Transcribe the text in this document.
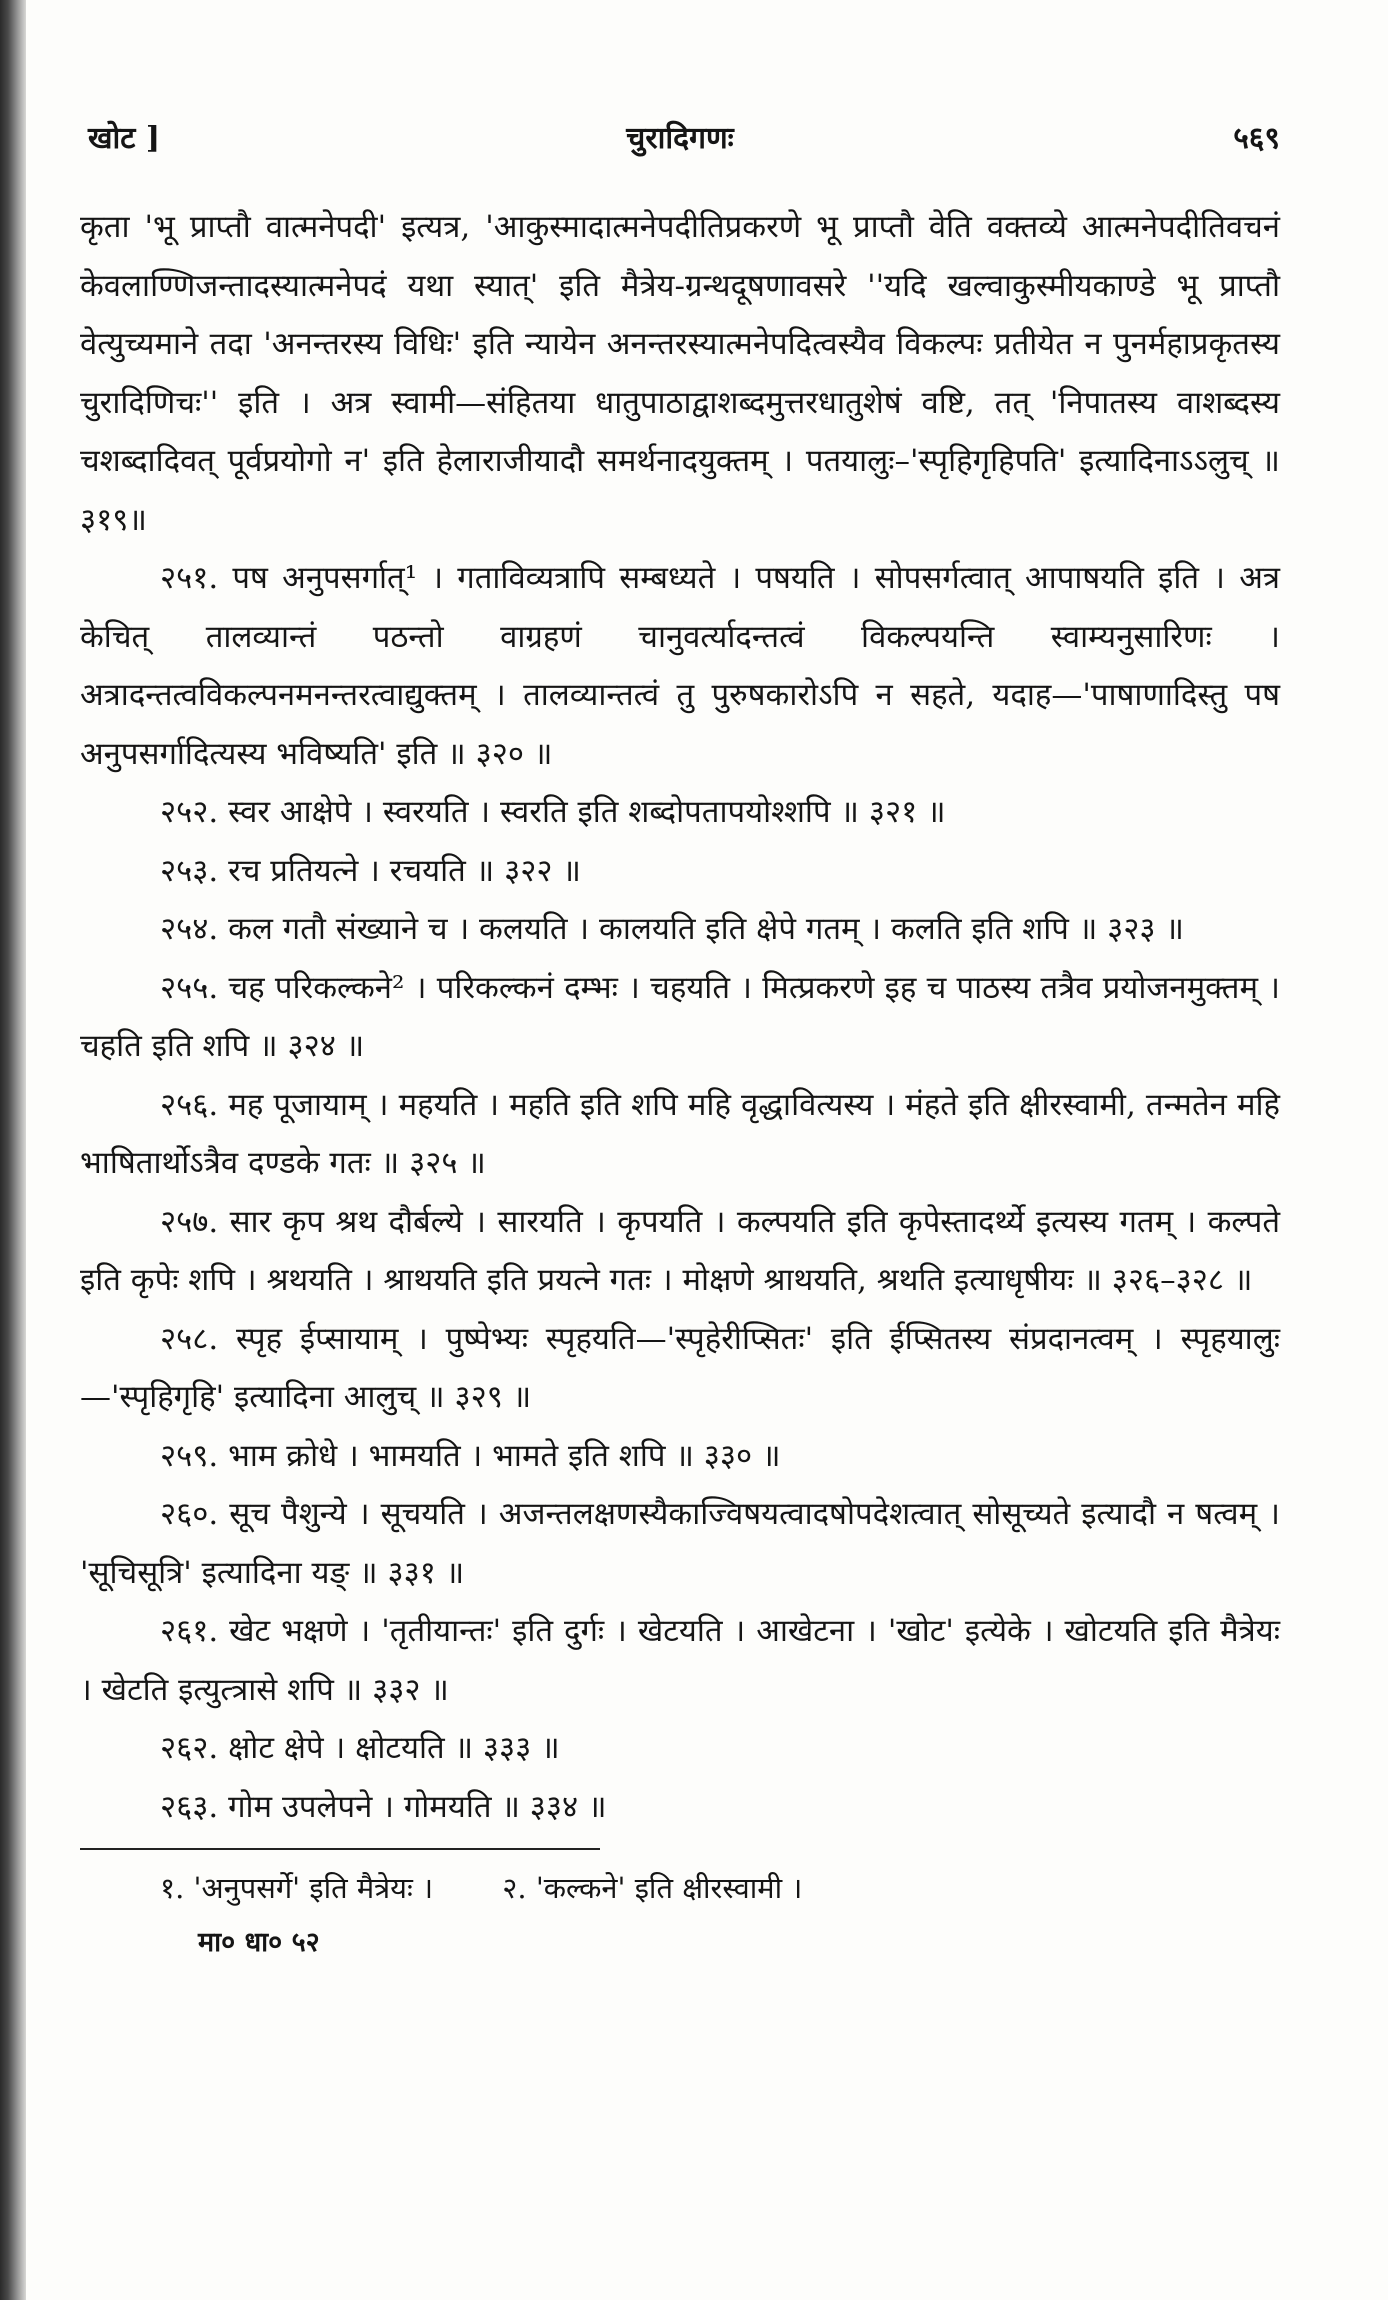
खोट ]	चुरादिगणः	५६९

कृता 'भू प्राप्तौ वात्मनेपदी' इत्यत्र, 'आकुस्मादात्मनेपदीतिप्रकरणे भू प्राप्तौ वेति वक्तव्ये आत्मनेपदीतिवचनं केवलाण्णिजन्तादस्यात्मनेपदं यथा स्यात्' इति मैत्रेय-ग्रन्थदूषणावसरे ''यदि खल्वाकुस्मीयकाण्डे भू प्राप्तौ वेत्युच्यमाने तदा 'अनन्तरस्य विधिः' इति न्यायेन अनन्तरस्यात्मनेपदित्वस्यैव विकल्पः प्रतीयेत न पुनर्महाप्रकृतस्य चुरादिणिचः'' इति । अत्र स्वामी—संहितया धातुपाठाद्वाशब्दमुत्तरधातुशेषं वष्टि, तत् 'निपातस्य वाशब्दस्य चशब्दादिवत् पूर्वप्रयोगो न' इति हेलाराजीयादौ समर्थनादयुक्तम् । पतयालुः–'स्पृहिगृहिपति' इत्यादिनाऽऽलुच् ॥३१९॥

२५१. पष अनुपसर्गात्¹ । गताविव्यत्रापि सम्बध्यते । पषयति । सोपसर्गत्वात् आपाषयति इति । अत्र केचित् तालव्यान्तं पठन्तो वाग्रहणं चानुवर्त्यादन्तत्वं विकल्पयन्ति स्वाम्यनुसारिणः । अत्रादन्तत्वविकल्पनमनन्तरत्वाद्युक्तम् । तालव्यान्तत्वं तु पुरुषकारोऽपि न सहते, यदाह—'पाषाणादिस्तु पष अनुपसर्गादित्यस्य भविष्यति' इति ॥ ३२० ॥

२५२. स्वर आक्षेपे । स्वरयति । स्वरति इति शब्दोपतापयोश्शपि ॥ ३२१ ॥

२५३. रच प्रतियत्ने । रचयति ॥ ३२२ ॥

२५४. कल गतौ संख्याने च । कलयति । कालयति इति क्षेपे गतम् । कलति इति शपि ॥ ३२३ ॥

२५५. चह परिकल्कने² । परिकल्कनं दम्भः । चहयति । मित्प्रकरणे इह च पाठस्य तत्रैव प्रयोजनमुक्तम् । चहति इति शपि ॥ ३२४ ॥

२५६. मह पूजायाम् । महयति । महति इति शपि महि वृद्धावित्यस्य । मंहते इति क्षीरस्वामी, तन्मतेन महि भाषितार्थोऽत्रैव दण्डके गतः ॥ ३२५ ॥

२५७. सार कृप श्रथ दौर्बल्ये । सारयति । कृपयति । कल्पयति इति कृपेस्तादर्थ्ये इत्यस्य गतम् । कल्पते इति कृपेः शपि । श्रथयति । श्राथयति इति प्रयत्ने गतः । मोक्षणे श्राथयति, श्रथति इत्याधृषीयः ॥ ३२६–३२८ ॥

२५८. स्पृह ईप्सायाम् । पुष्पेभ्यः स्पृहयति—'स्पृहेरीप्सितः' इति ईप्सितस्य संप्रदानत्वम् । स्पृहयालुः—'स्पृहिगृहि' इत्यादिना आलुच् ॥ ३२९ ॥

२५९. भाम क्रोधे । भामयति । भामते इति शपि ॥ ३३० ॥

२६०. सूच पैशुन्ये । सूचयति । अजन्तलक्षणस्यैकाज्विषयत्वादषोपदेशत्वात् सोसूच्यते इत्यादौ न षत्वम् । 'सूचिसूत्रि' इत्यादिना यङ् ॥ ३३१ ॥

२६१. खेट भक्षणे । 'तृतीयान्तः' इति दुर्गः । खेटयति । आखेटना । 'खोट' इत्येके । खोटयति इति मैत्रेयः । खेटति इत्युत्त्रासे शपि ॥ ३३२ ॥

२६२. क्षोट क्षेपे । क्षोटयति ॥ ३३३ ॥

२६३. गोम उपलेपने । गोमयति ॥ ३३४ ॥

१. 'अनुपसर्गे' इति मैत्रेयः । २. 'कल्कने' इति क्षीरस्वामी ।
मा० धा० ५२
